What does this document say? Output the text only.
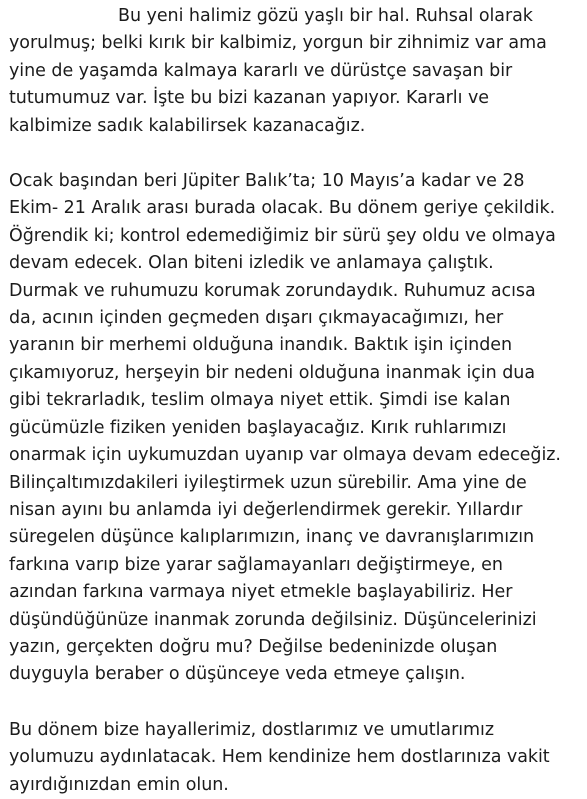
Bu yeni halimiz gözü yaşlı bir hal. Ruhsal olarak
yorulmuş; belki kırık bir kalbimiz, yorgun bir zihnimiz var ama
yine de yaşamda kalmaya kararlı ve dürüstçe savaşan bir
tutumumuz var. İşte bu bizi kazanan yapıyor. Kararlı ve
kalbimize sadık kalabilirsek kazanacağız.

Ocak başından beri Jüpiter Balık’ta; 10 Mayıs’a kadar ve 28
Ekim- 21 Aralık arası burada olacak. Bu dönem geriye çekildik.
Öğrendik ki; kontrol edemediğimiz bir sürü şey oldu ve olmaya
devam edecek. Olan biteni izledik ve anlamaya çalıştık.
Durmak ve ruhumuzu korumak zorundaydık. Ruhumuz acısa
da, acının içinden geçmeden dışarı çıkmayacağımızı, her
yaranın bir merhemi olduğuna inandık. Baktık işin içinden
çıkamıyoruz, herşeyin bir nedeni olduğuna inanmak için dua
gibi tekrarladık, teslim olmaya niyet ettik. Şimdi ise kalan
gücümüzle fiziken yeniden başlayacağız. Kırık ruhlarımızı
onarmak için uykumuzdan uyanıp var olmaya devam edeceğiz.
Bilinçaltımızdakileri iyileştirmek uzun sürebilir. Ama yine de
nisan ayını bu anlamda iyi değerlendirmek gerekir. Yıllardır
süregelen düşünce kalıplarımızın, inanç ve davranışlarımızın
farkına varıp bize yarar sağlamayanları değiştirmeye, en
azından farkına varmaya niyet etmekle başlayabiliriz. Her
düşündüğünüze inanmak zorunda değilsiniz. Düşüncelerinizi
yazın, gerçekten doğru mu? Değilse bedeninizde oluşan
duyguyla beraber o düşünceye veda etmeye çalışın.

Bu dönem bize hayallerimiz, dostlarımız ve umutlarımız
yolumuzu aydınlatacak. Hem kendinize hem dostlarınıza vakit
ayırdığınızdan emin olun.
